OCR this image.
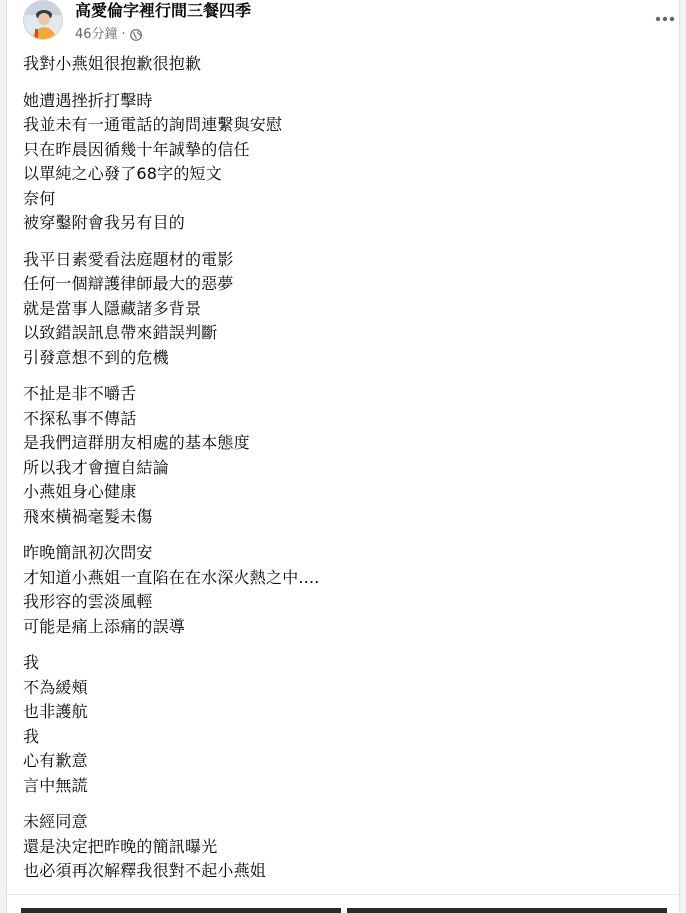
高愛倫字裡行間三餐四季
46分鐘 ·
我對小燕姐很抱歉很抱歉
她遭遇挫折打擊時
我並未有一通電話的詢問連繫與安慰
只在昨晨因循幾十年誠摯的信任
以單純之心發了68字的短文
奈何
被穿鑿附會我另有目的
我平日素愛看法庭題材的電影
任何一個辯護律師最大的惡夢
就是當事人隱藏諸多背景
以致錯誤訊息帶來錯誤判斷
引發意想不到的危機
不扯是非不嚼舌
不探私事不傳話
是我們這群朋友相處的基本態度
所以我才會擅自結論
小燕姐身心健康
飛來橫禍毫髮未傷
昨晚簡訊初次問安
才知道小燕姐一直陷在在水深火熱之中....
我形容的雲淡風輕
可能是痛上添痛的誤導
我
不為緩頰
也非護航
我
心有歉意
言中無謊
未經同意
還是決定把昨晚的簡訊曝光
也必須再次解釋我很對不起小燕姐
